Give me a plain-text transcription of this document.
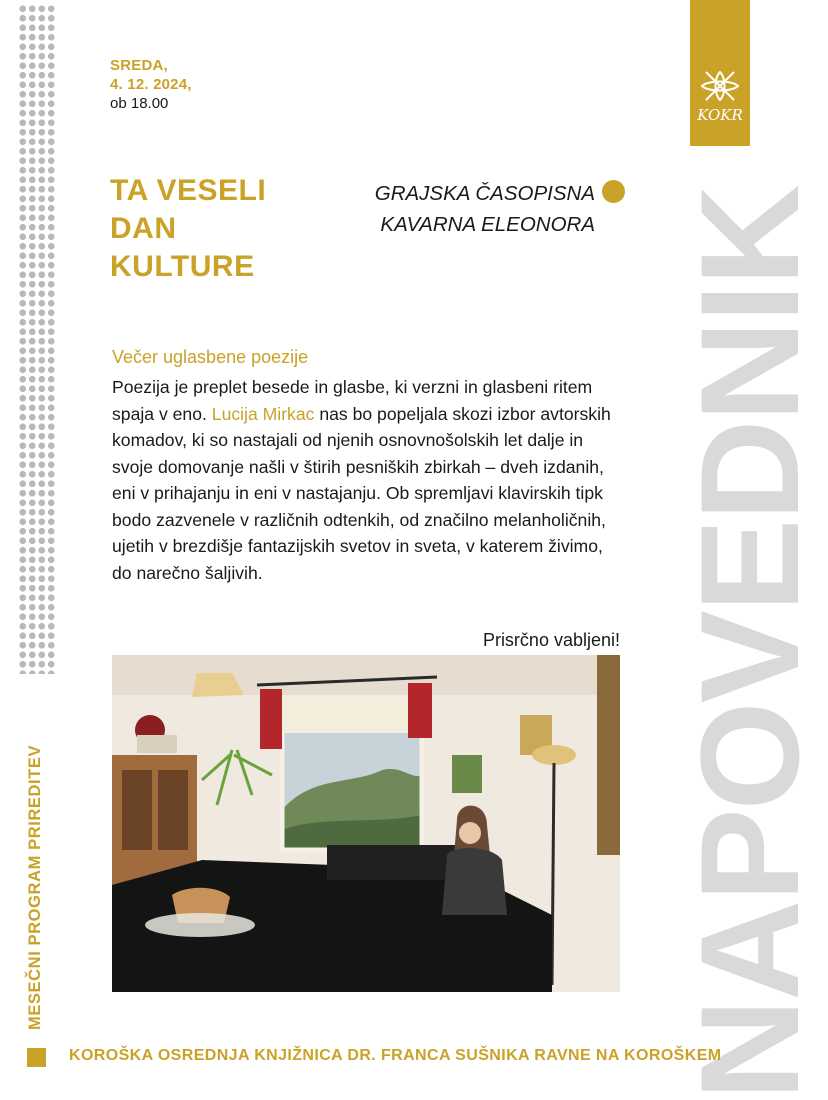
NAPOVEDNIK
KOKR
SREDA,
4. 12. 2024,
ob 18.00
TA VESELI
DAN
KULTURE
GRAJSKA ČASOPISNA
KAVARNA ELEONORA
Večer uglasbene poezije

Poezija je preplet besede in glasbe, ki verzni in glasbeni ritem spaja v eno. Lucija Mirkac nas bo popeljala skozi izbor avtorskih komadov, ki so nastajali od njenih osnovnošolskih let dalje in svoje domovanje našli v štirih pesniških zbirkah – dveh izdanih, eni v prihajanju in eni v nastajanju. Ob spremljavi klavirskih tipk bodo zazvenele v različnih odtenkih, od značilno melanholičnih, ujetih v brezdišje fantazijskih svetov in sveta, v katerem živimo, do narečno šaljivih.

Prisrčno vabljeni!
MESEČNI PROGRAM PRIREDITEV
KOROŠKA OSREDNJA KNJIŽNICA DR. FRANCA SUŠNIKA RAVNE NA KOROŠKEM
